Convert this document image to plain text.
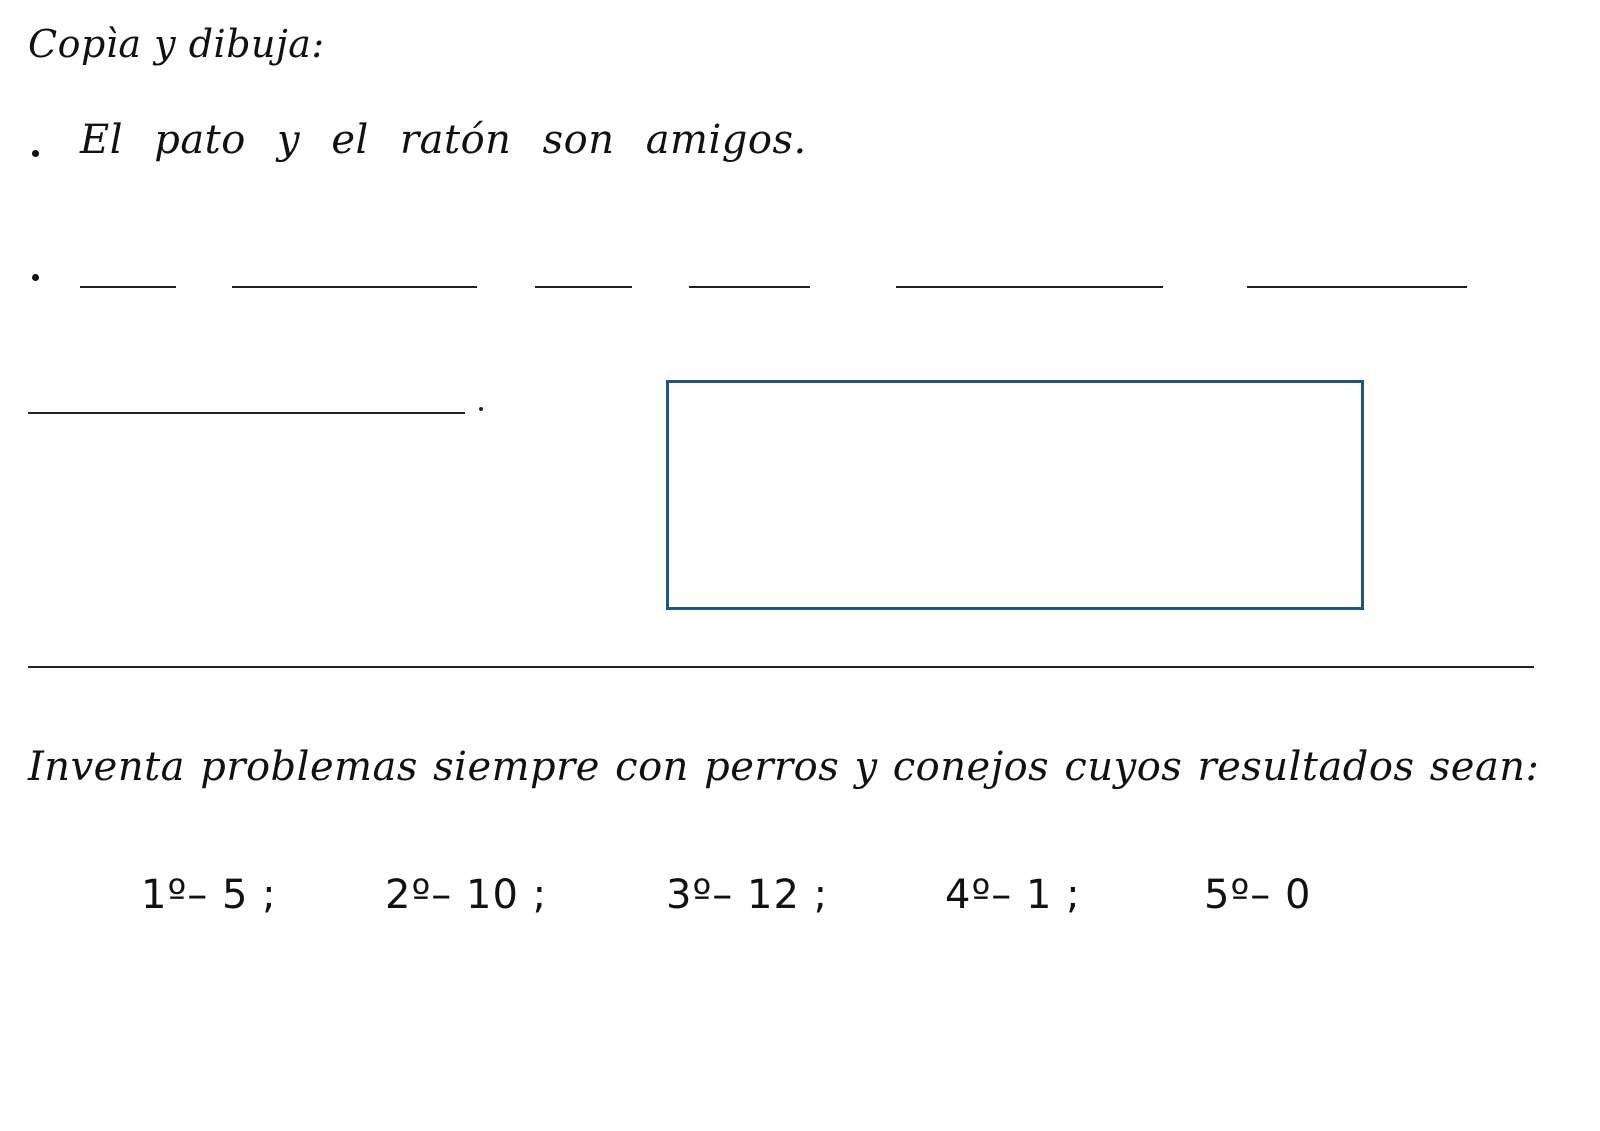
Copìa y dibuja:

El pato y el ratón son amigos.

Inventa problemas siempre con perros y conejos cuyos resultados sean:

1º– 5 ;	2º– 10 ;	3º– 12 ;	4º– 1 ;	5º– 0
